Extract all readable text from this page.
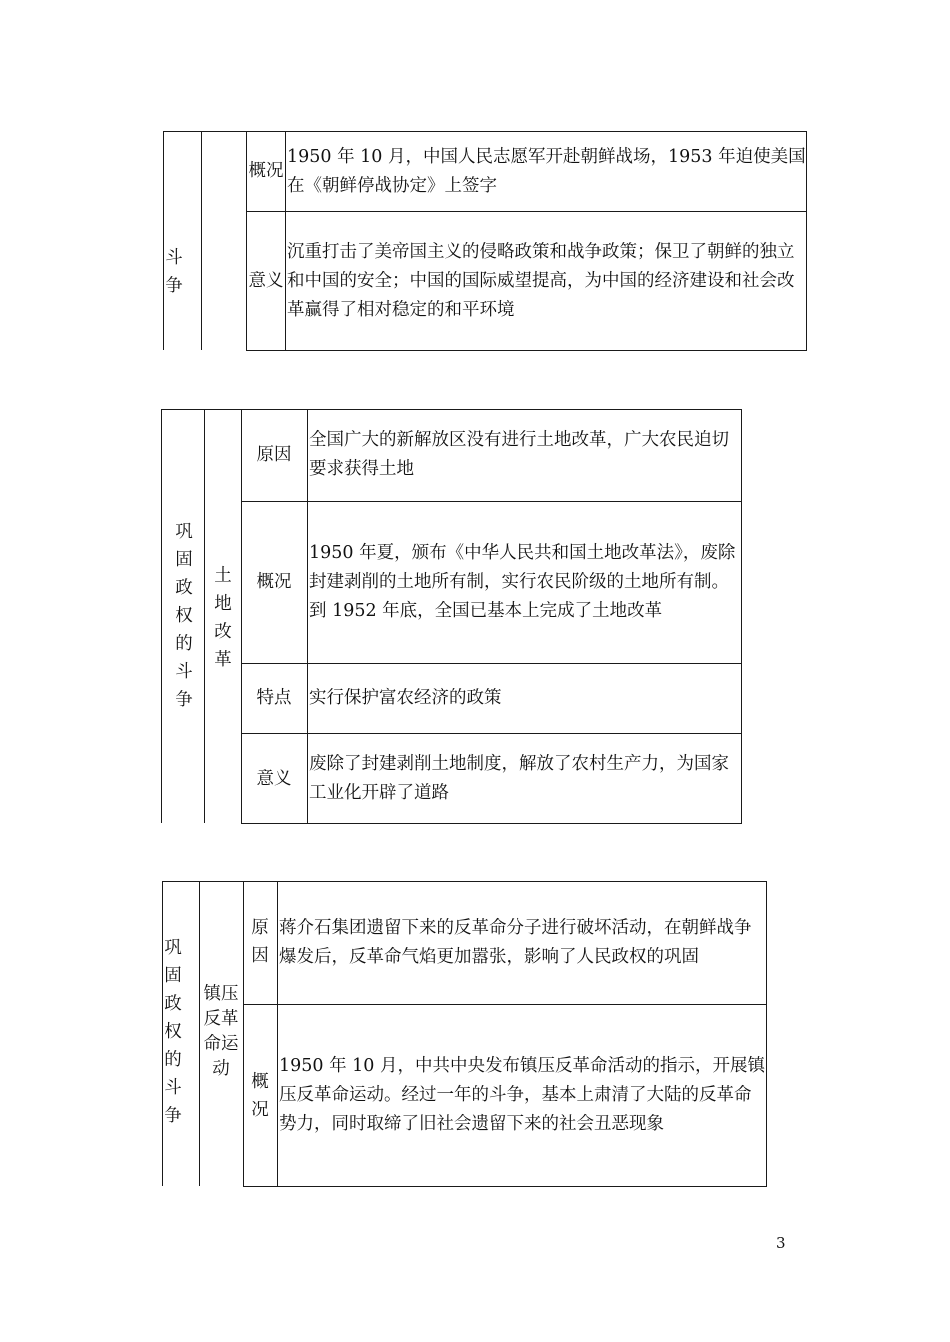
斗争
概况
1950 年 10 月，中国人民志愿军开赴朝鲜战场，1953 年迫使美国在《朝鲜停战协定》上签字
意义
沉重打击了美帝国主义的侵略政策和战争政策；保卫了朝鲜的独立和中国的安全；中国的国际威望提高，为中国的经济建设和社会改革赢得了相对稳定的和平环境
巩固政权的斗争
土地改革
原因
全国广大的新解放区没有进行土地改革，广大农民迫切要求获得土地
概况
1950 年夏，颁布《中华人民共和国土地改革法》，废除封建剥削的土地所有制，实行农民阶级的土地所有制。到 1952 年底，全国已基本上完成了土地改革
特点	实行保护富农经济的政策
意义
废除了封建剥削土地制度，解放了农村生产力，为国家工业化开辟了道路
巩固政权的斗争
镇压反革命运动
原因
蒋介石集团遗留下来的反革命分子进行破坏活动，在朝鲜战争爆发后，反革命气焰更加嚣张，影响了人民政权的巩固
概况
1950 年 10 月，中共中央发布镇压反革命活动的指示，开展镇压反革命运动。经过一年的斗争，基本上肃清了大陆的反革命势力，同时取缔了旧社会遗留下来的社会丑恶现象
3
